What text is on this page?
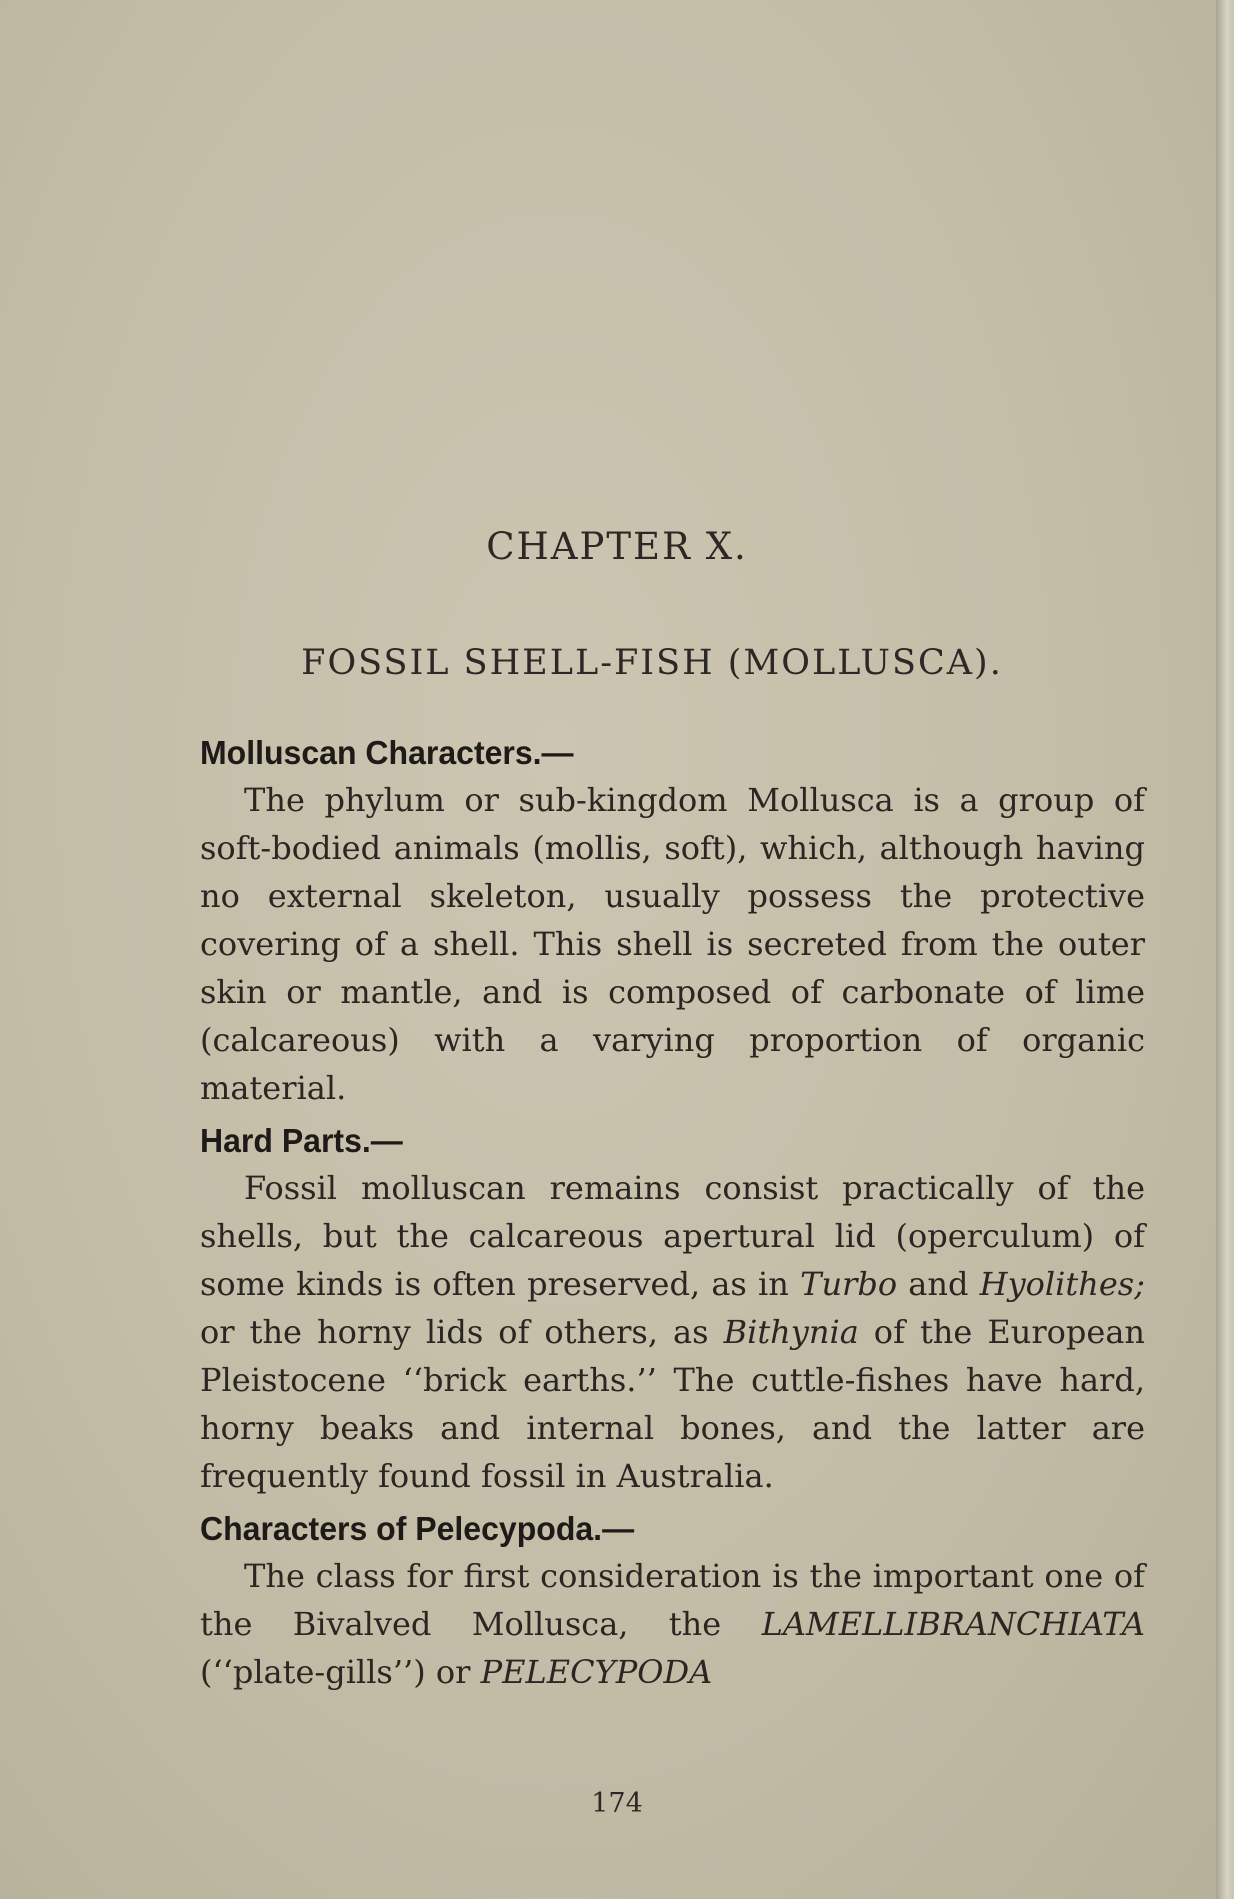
CHAPTER X.
FOSSIL SHELL-FISH (MOLLUSCA).

Molluscan Characters.—

The phylum or sub-kingdom Mollusca is a group of soft-bodied animals (mollis, soft), which, although having no external skeleton, usually possess the protective covering of a shell. This shell is secreted from the outer skin or mantle, and is composed of carbonate of lime (calcareous) with a varying proportion of organic material.

Hard Parts.—

Fossil molluscan remains consist practically of the shells, but the calcareous apertural lid (operculum) of some kinds is often preserved, as in Turbo and Hyolithes; or the horny lids of others, as Bithynia of the European Pleistocene ‘‘brick earths.’’ The cuttle-fishes have hard, horny beaks and internal bones, and the latter are frequently found fossil in Australia.

Characters of Pelecypoda.—

The class for first consideration is the important one of the Bivalved Mollusca, the LAMELLIBRANCHIATA (‘‘plate-gills’’) or PELECYPODA

174
